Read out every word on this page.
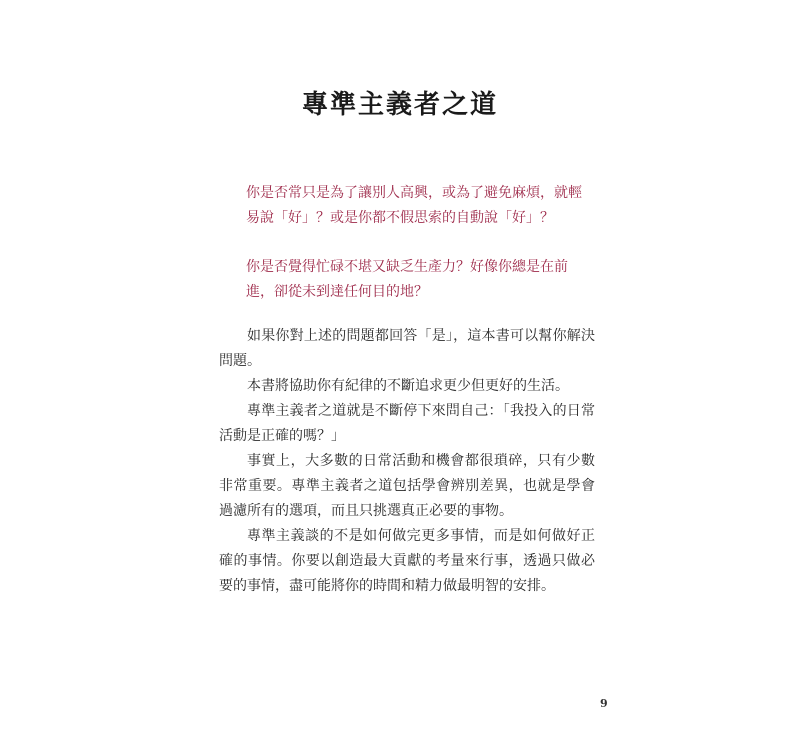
專準主義者之道

你是否常只是為了讓別人高興，或為了避免麻煩，就輕易說「好」？或是你都不假思索的自動說「好」？

你是否覺得忙碌不堪又缺乏生產力？好像你總是在前進，卻從未到達任何目的地？

如果你對上述的問題都回答「是」，這本書可以幫你解決問題。

本書將協助你有紀律的不斷追求更少但更好的生活。

專準主義者之道就是不斷停下來問自己：「我投入的日常活動是正確的嗎？」

事實上，大多數的日常活動和機會都很瑣碎，只有少數非常重要。專準主義者之道包括學會辨別差異，也就是學會過濾所有的選項，而且只挑選真正必要的事物。

專準主義談的不是如何做完更多事情，而是如何做好正確的事情。你要以創造最大貢獻的考量來行事，透過只做必要的事情，盡可能將你的時間和精力做最明智的安排。

9
